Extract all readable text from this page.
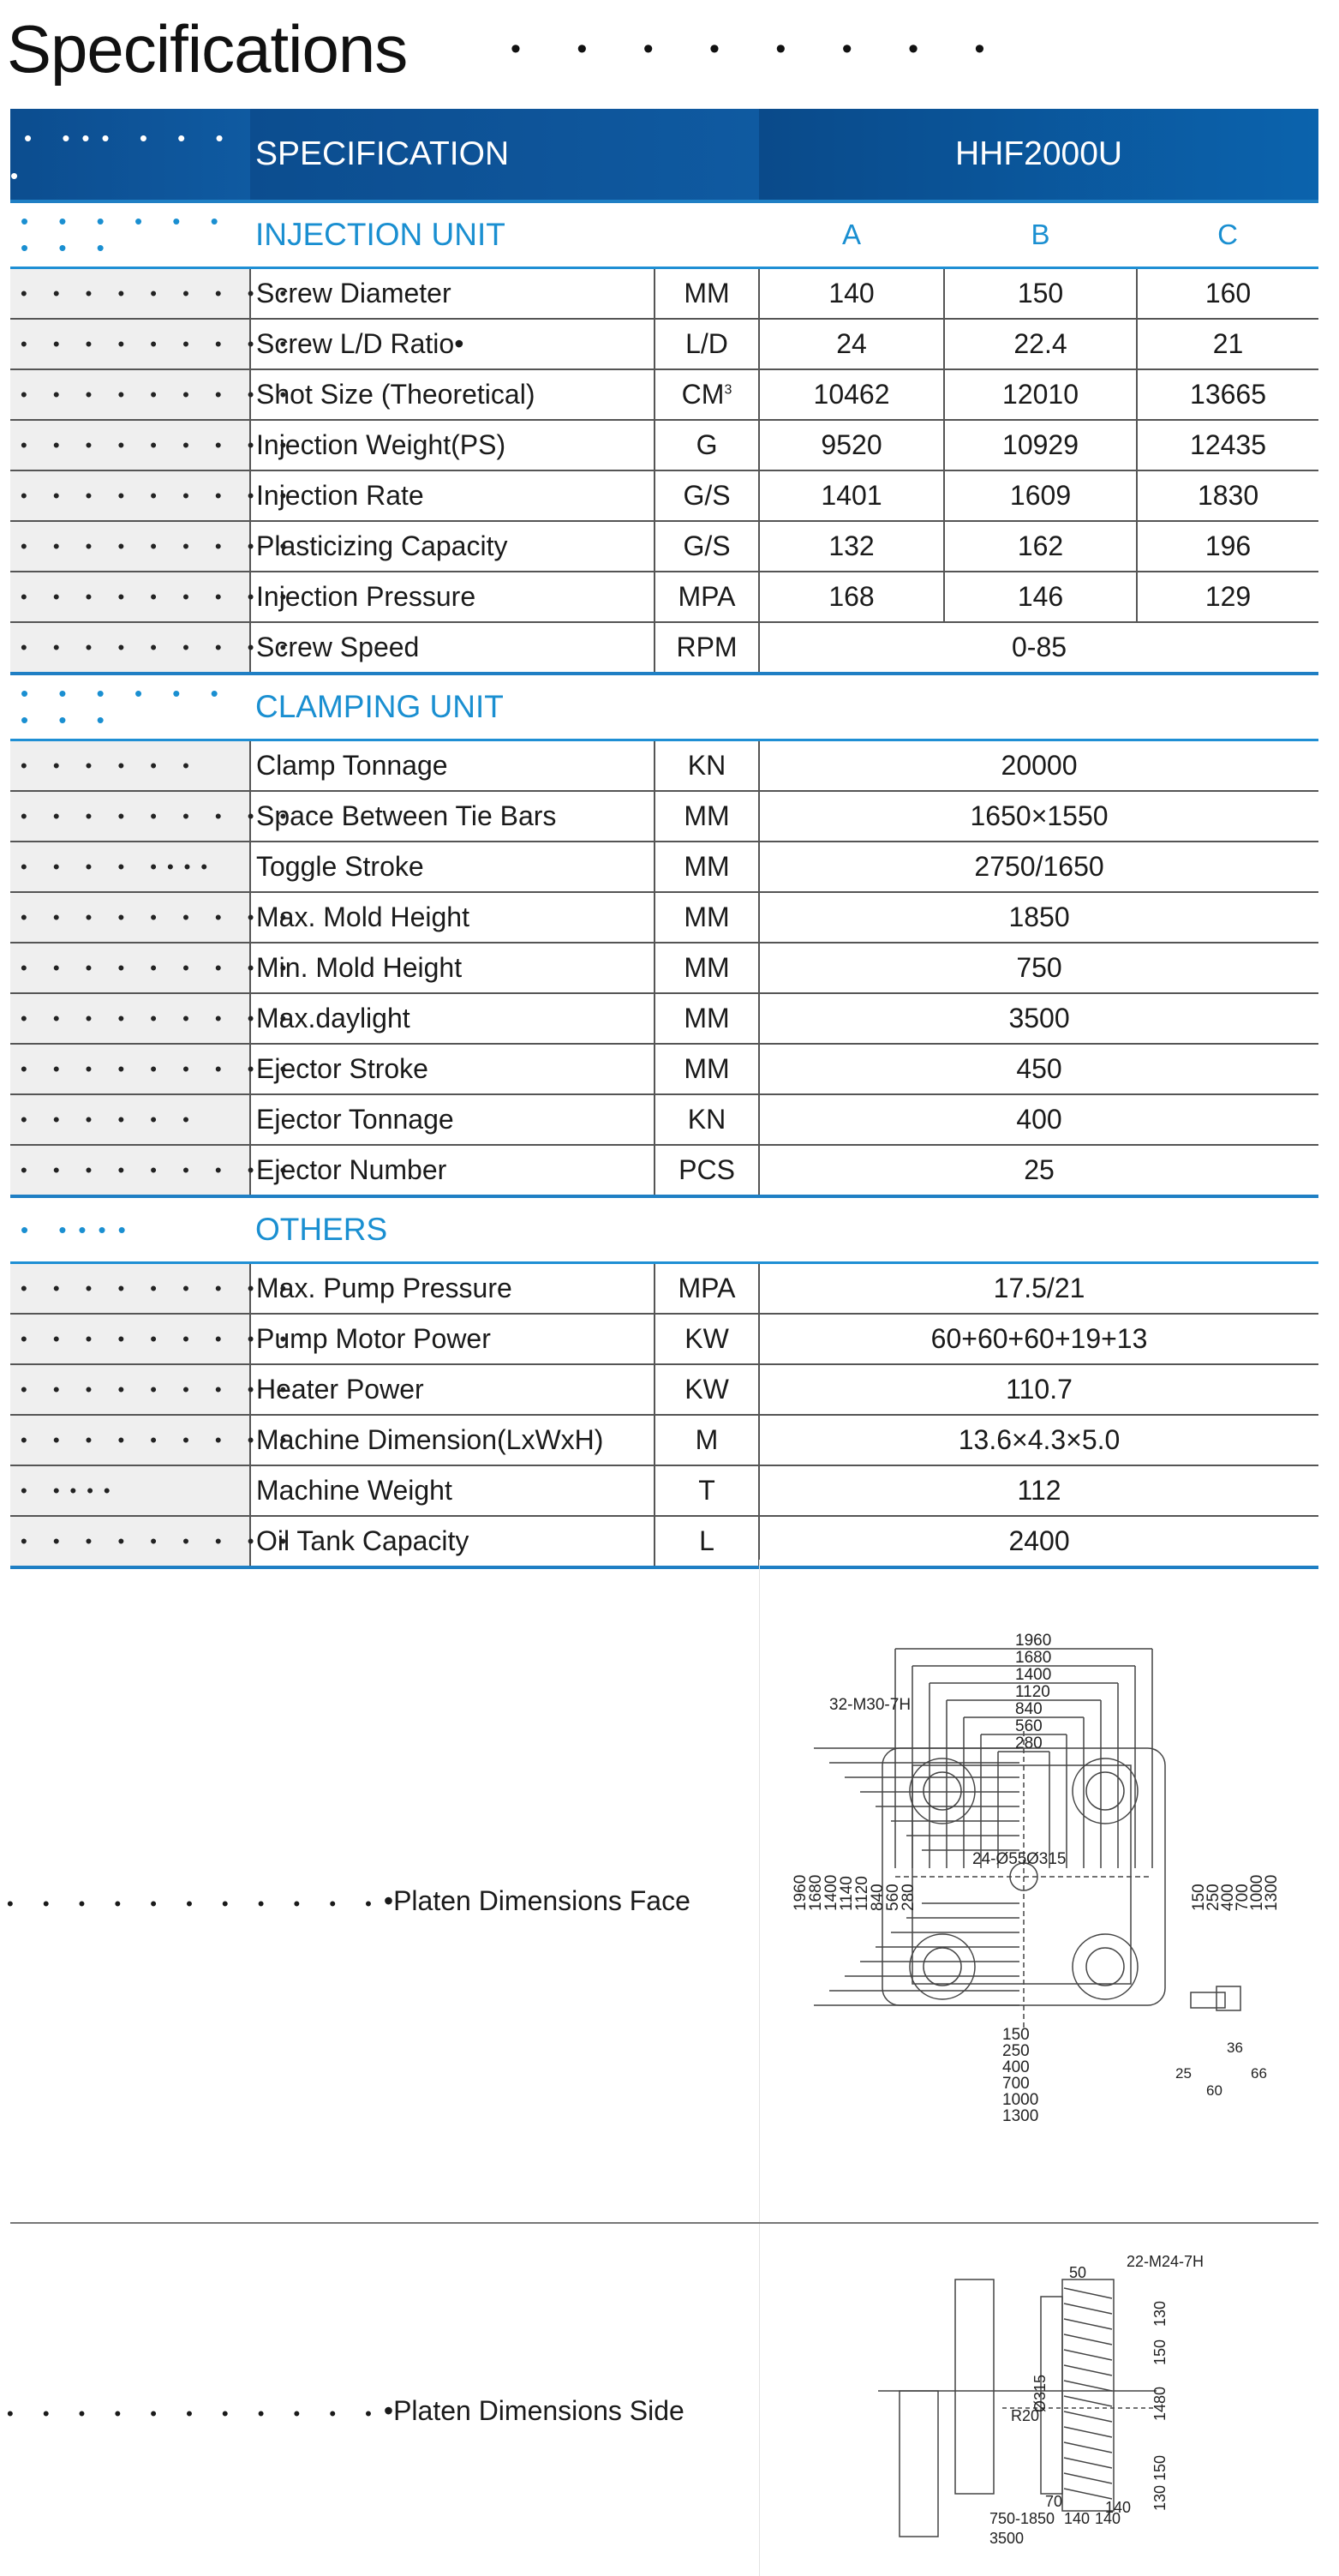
Specifications	• • • • • • • •
• ••• • • • •	SPECIFICATION		HHF2000U		
• • • • • • • • •	INJECTION UNIT		A	B	C
• • • • • • • • •	Screw Diameter	MM	140	150	160
• • • • • • • • •	Screw L/D Ratio•	L/D	24	22.4	21
• • • • • • • • •	Shot Size (Theoretical)	$CM^3$	10462	12010	13665
• • • • • • • • •	Injection Weight(PS)	G	9520	10929	12435
• • • • • • • • •	Injection Rate	G/S	1401	1609	1830
• • • • • • • • •	Plasticizing Capacity	G/S	132	162	196
• • • • • • • • •	Injection Pressure	MPA	168	146	129
• • • • • • • • •	Screw Speed	RPM	0-85		
• • • • • • • • •	CLAMPING UNIT				
• • • • • •	Clamp Tonnage	KN	20000		
• • • • • • • • •	Space Between Tie Bars	MM	1650×1550		
• • • • ••••	Toggle Stroke	MM	2750/1650		
• • • • • • • • •	Max. Mold Height	MM	1850		
• • • • • • • • •	Min. Mold Height	MM	750		
• • • • • • • • •	Max.daylight	MM	3500		
• • • • • • • • •	Ejector Stroke	MM	450		
• • • • • •	Ejector Tonnage	KN	400		
• • • • • • • • •	Ejector Number	PCS	25		
• ••••	OTHERS				
• • • • • • • • •	Max. Pump Pressure	MPA	17.5/21		
• • • • • • • • •	Pump Motor Power	KW	60+60+60+19+13		
• • • • • • • • •	Heater Power	KW	110.7		
• • • • • • • • •	Machine Dimension(LxWxH)	M	13.6×4.3×5.0		
• ••••	Machine Weight	T	112		
• • • • • • • • •	Oil Tank Capacity	L	2400		
• • • • • • • • • • ••Platen Dimensions Face
32-M30-7H
24-Ø55 Ø315
1960
1680
1400
1120
840
560
280
1960
1680
1400
1140
1120
840
560
280	150
250
400
700
1000
1300
150
250
400
700
1000
1300
36
25
60
66
• • • • • • • • • • ••Platen Dimensions Side
50
22-M24-7H
Ø315
R20
70	140
130
150
1480
150
130
750-1850 140 140
3500
